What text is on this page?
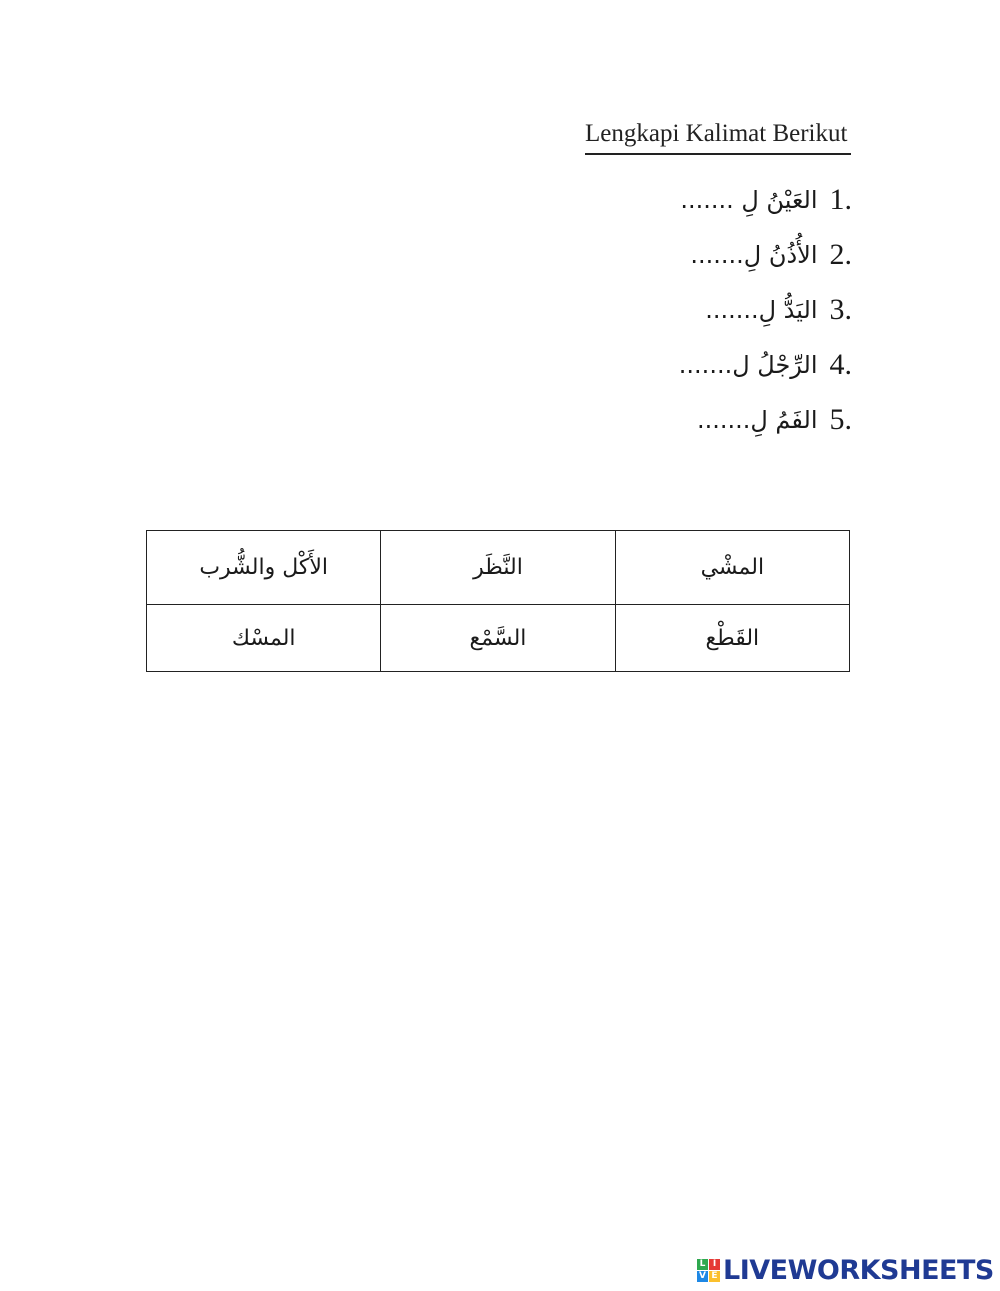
Lengkapi Kalimat Berikut
العَيْنُ لِ ....... 1.
الأُذُنُ لِ....... 2.
اليَدُّ لِ....... 3.
الرِّجْلُ ل....... 4.
الفَمُ لِ....... 5.
الأَكْل والشُّرب	النَّظَر	المشْي
المسْك	السَّمْع	القَطْع
L I
V E LIVEWORKSHEETS
